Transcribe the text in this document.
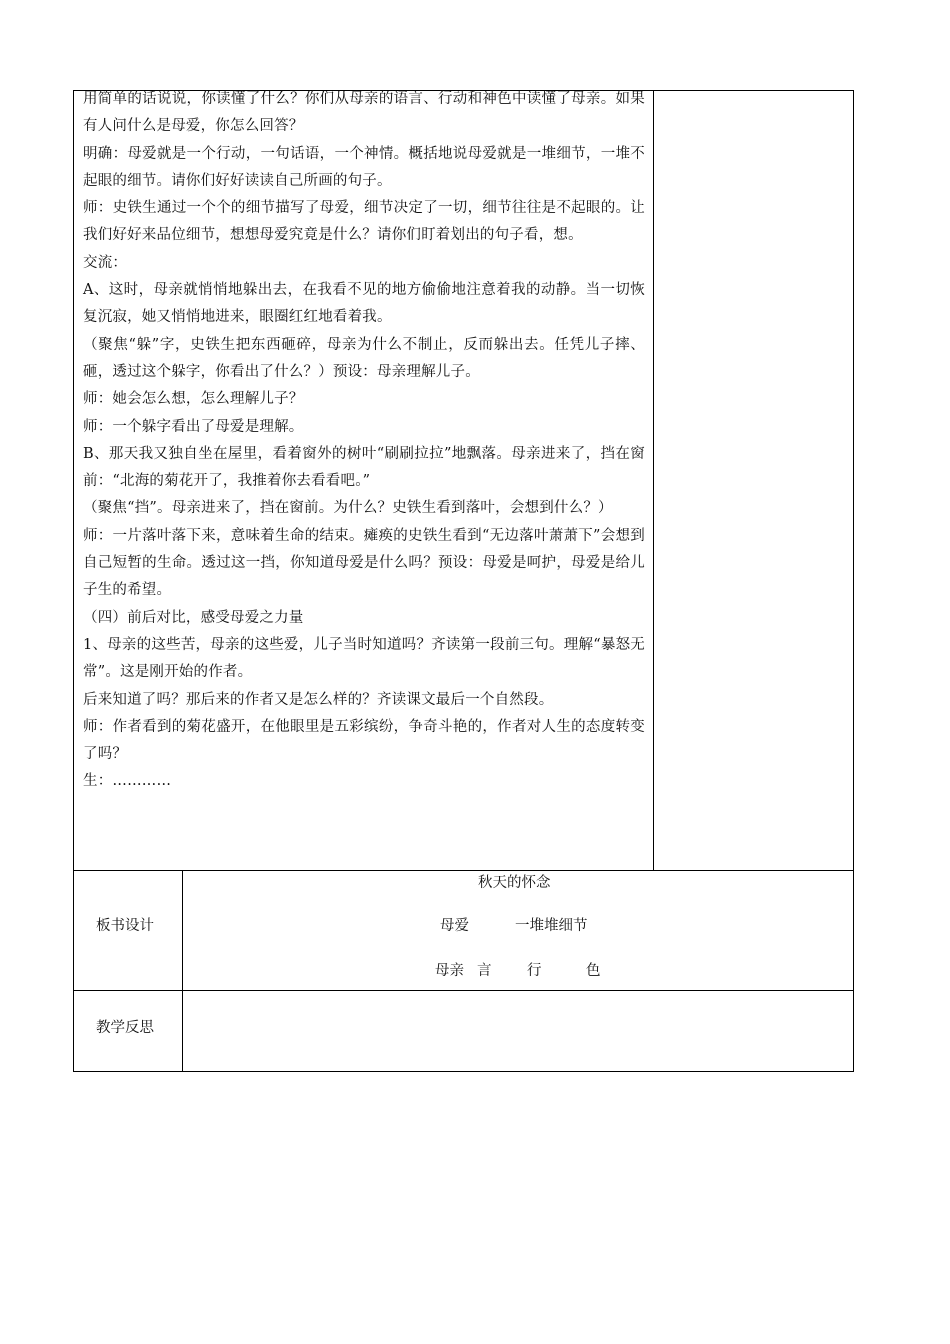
用简单的话说说，你读懂了什么？你们从母亲的语言、行动和神色中读懂了母亲。如果有人问什么是母爱，你怎么回答？

明确：母爱就是一个行动，一句话语，一个神情。概括地说母爱就是一堆细节，一堆不起眼的细节。请你们好好读读自己所画的句子。

师：史铁生通过一个个的细节描写了母爱，细节决定了一切，细节往往是不起眼的。让我们好好来品位细节，想想母爱究竟是什么？请你们盯着划出的句子看，想。

交流：

A、这时，母亲就悄悄地躲出去，在我看不见的地方偷偷地注意着我的动静。当一切恢复沉寂，她又悄悄地进来，眼圈红红地看着我。

（聚焦“躲”字，史铁生把东西砸碎，母亲为什么不制止，反而躲出去。任凭儿子摔、砸，透过这个躲字，你看出了什么？）预设：母亲理解儿子。

师：她会怎么想，怎么理解儿子？

师：一个躲字看出了母爱是理解。

B、那天我又独自坐在屋里，看着窗外的树叶“刷刷拉拉”地飘落。母亲进来了，挡在窗前：“北海的菊花开了，我推着你去看看吧。”

（聚焦“挡”。母亲进来了，挡在窗前。为什么？史铁生看到落叶，会想到什么？）

师：一片落叶落下来，意味着生命的结束。瘫痪的史铁生看到“无边落叶萧萧下”会想到自己短暂的生命。透过这一挡，你知道母爱是什么吗？预设：母爱是呵护，母爱是给儿子生的希望。

（四）前后对比，感受母爱之力量

1、母亲的这些苦，母亲的这些爱，儿子当时知道吗？齐读第一段前三句。理解“暴怒无常”。这是刚开始的作者。

后来知道了吗？那后来的作者又是怎么样的？齐读课文最后一个自然段。

师：作者看到的菊花盛开，在他眼里是五彩缤纷，争奇斗艳的，作者对人生的态度转变了吗？

生：…………

板书设计
秋天的怀念
母爱	一堆堆细节
母亲 言 行	色
教学反思
